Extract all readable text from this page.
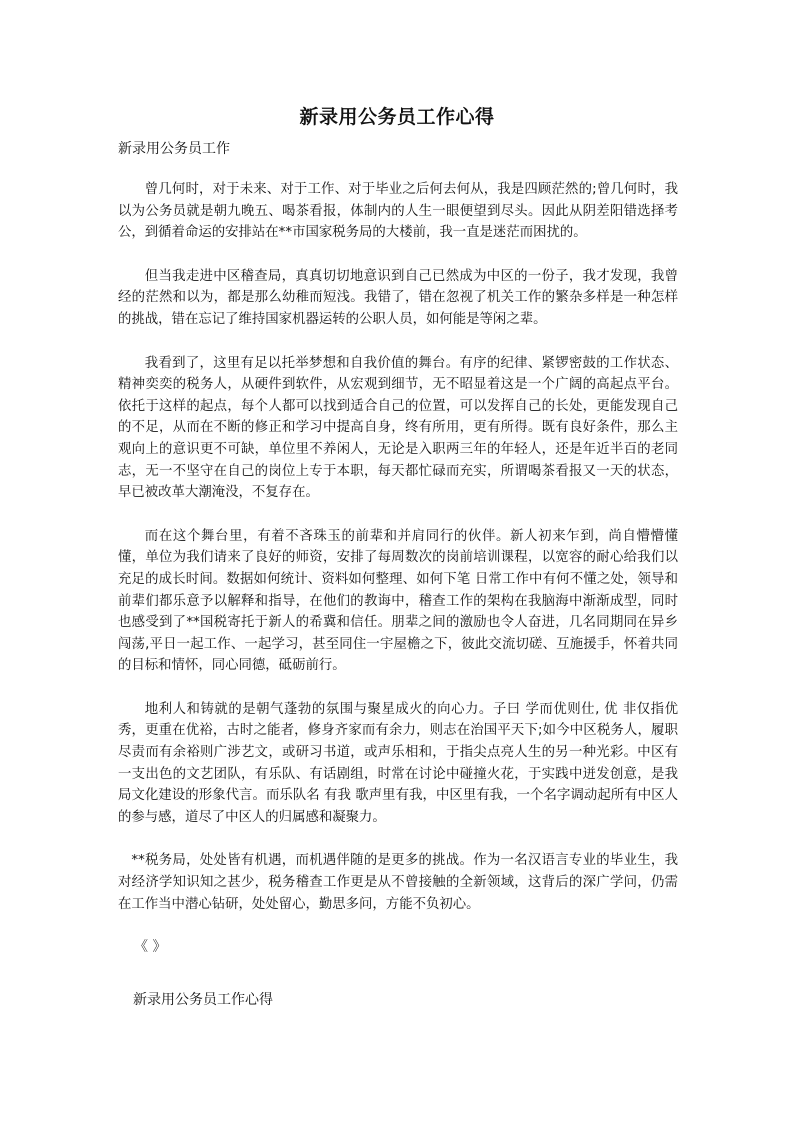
新录用公务员工作心得
新录用公务员工作

曾几何时，对于未来、对于工作、对于毕业之后何去何从，我是四顾茫然的;曾几何时，我以为公务员就是朝九晚五、喝茶看报，体制内的人生一眼便望到尽头。因此从阴差阳错选择考公，到循着命运的安排站在**市国家税务局的大楼前，我一直是迷茫而困扰的。

但当我走进中区稽查局，真真切切地意识到自己已然成为中区的一份子，我才发现，我曾经的茫然和以为，都是那么幼稚而短浅。我错了，错在忽视了机关工作的繁杂多样是一种怎样的挑战，错在忘记了维持国家机器运转的公职人员，如何能是等闲之辈。

我看到了，这里有足以托举梦想和自我价值的舞台。有序的纪律、紧锣密鼓的工作状态、精神奕奕的税务人，从硬件到软件，从宏观到细节，无不昭显着这是一个广阔的高起点平台。依托于这样的起点，每个人都可以找到适合自己的位置，可以发挥自己的长处，更能发现自己的不足，从而在不断的修正和学习中提高自身，终有所用，更有所得。既有良好条件，那么主观向上的意识更不可缺，单位里不养闲人，无论是入职两三年的年轻人，还是年近半百的老同志，无一不坚守在自己的岗位上专于本职，每天都忙碌而充实，所谓喝茶看报又一天的状态，早已被改革大潮淹没，不复存在。

而在这个舞台里，有着不吝珠玉的前辈和并肩同行的伙伴。新人初来乍到，尚自懵懵懂懂，单位为我们请来了良好的师资，安排了每周数次的岗前培训课程，以宽容的耐心给我们以充足的成长时间。数据如何统计、资料如何整理、如何下笔 日常工作中有何不懂之处，领导和前辈们都乐意予以解释和指导，在他们的教诲中，稽查工作的架构在我脑海中渐渐成型，同时也感受到了**国税寄托于新人的希冀和信任。朋辈之间的激励也令人奋进，几名同期同在异乡闯荡,平日一起工作、一起学习，甚至同住一宇屋檐之下，彼此交流切磋、互施援手，怀着共同的目标和情怀，同心同德，砥砺前行。

地利人和铸就的是朝气蓬勃的氛围与聚星成火的向心力。子曰 学而优则仕, 优 非仅指优秀，更重在优裕，古时之能者，修身齐家而有余力，则志在治国平天下;如今中区税务人，履职尽责而有余裕则广涉艺文，或研习书道，或声乐相和，于指尖点亮人生的另一种光彩。中区有一支出色的文艺团队，有乐队、有话剧组，时常在讨论中碰撞火花，于实践中迸发创意，是我局文化建设的形象代言。而乐队名 有我 歌声里有我，中区里有我，一个名字调动起所有中区人的参与感，道尽了中区人的归属感和凝聚力。

**税务局，处处皆有机遇，而机遇伴随的是更多的挑战。作为一名汉语言专业的毕业生，我对经济学知识知之甚少，税务稽查工作更是从不曾接触的全新领域，这背后的深广学问，仍需在工作当中潜心钻研，处处留心，勤思多问，方能不负初心。

《 》

新录用公务员工作心得
